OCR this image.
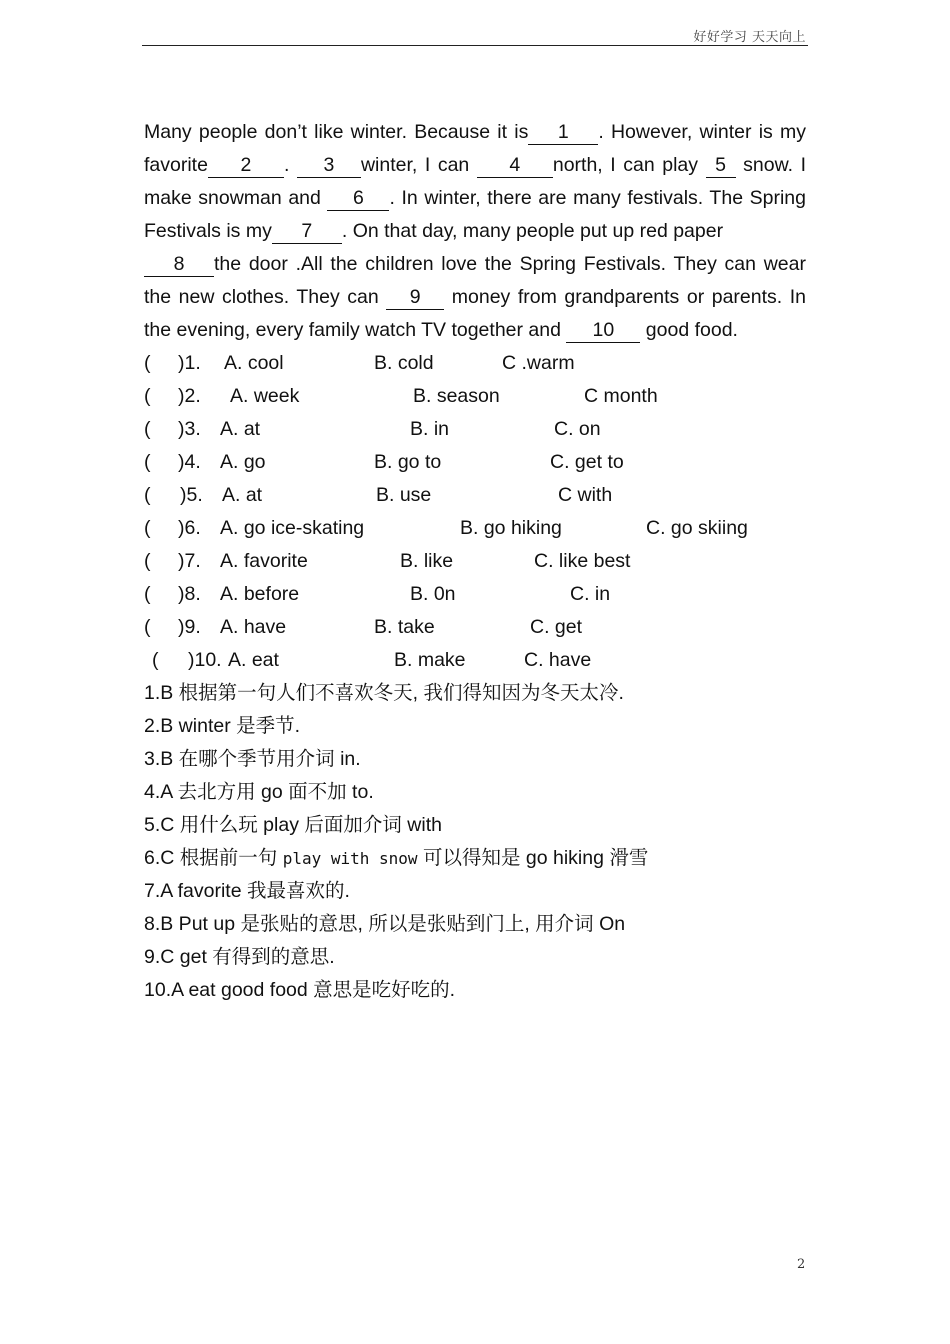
好好学习 天天向上
Many people don’t like winter. Because it is 1 . However, winter is my favorite 2 . 3 winter, I can 4 north, I can play 5 snow. I make snowman and 6 . In winter, there are many festivals. The Spring Festivals is my 7 . On that day, many people put up red paper
8 the door .All the children love the Spring Festivals. They can wear the new clothes. They can 9 money from grandparents or parents. In the evening, every family watch TV together and 10 good food.
( )1. A. cool	B. cold	C .warm
( )2. A. week	B. season	C month
( )3. A. at	B. in	C. on
( )4. A. go	B. go to	C. get to
( )5. A. at	B. use	C with
( )6. A. go ice-skating	B. go hiking	C. go skiing
( )7. A. favorite	B. like	C. like best
( )8. A. before	B. 0n	C. in
( )9. A. have	B. take	C. get
( )10. A. eat	B. make	C. have
1.B 根据第一句人们不喜欢冬天, 我们得知因为冬天太冷.
2.B winter 是季节.
3.B 在哪个季节用介词 in.
4.A 去北方用 go 面不加 to.
5.C 用什么玩 play 后面加介词 with
6.C 根据前一句 play with snow 可以得知是 go hiking 滑雪
7.A favorite 我最喜欢的.
8.B Put up 是张贴的意思, 所以是张贴到门上, 用介词 On
9.C get 有得到的意思.
10.A eat good food 意思是吃好吃的.
2
